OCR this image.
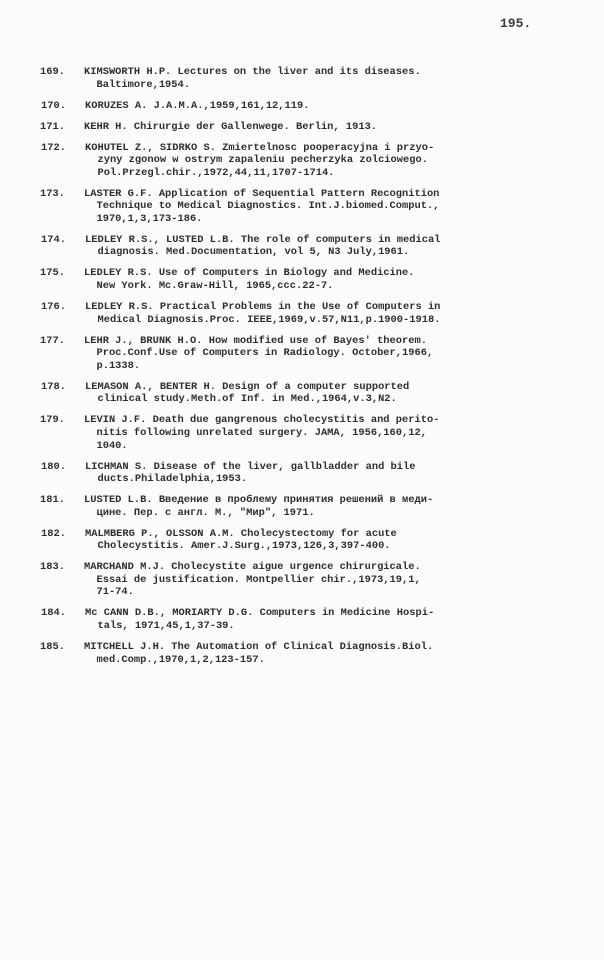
195.
169.	KIMSWORTH H.P. Lectures on the liver and its diseases.
Baltimore,1954.
170.	KORUZES A. J.A.M.A.,1959,161,12,119.
171.	KEHR H. Chirurgie der Gallenwege. Berlin, 1913.
172.	KOHUTEL Z., SIDRKO S. Zmiertelnosc pooperacyjna i przyo-
zyny zgonow w ostrym zapaleniu pecherzyka zolciowego.
Pol.Przegl.chir.,1972,44,11,1707-1714.
173.	LASTER G.F. Application of Sequential Pattern Recognition
Technique to Medical Diagnostics. Int.J.biomed.Comput.,
1970,1,3,173-186.
174.	LEDLEY R.S., LUSTED L.B. The role of computers in medical
diagnosis. Med.Documentation, vol 5, N3 July,1961.
175.	LEDLEY R.S. Use of Computers in Biology and Medicine.
New York. Mc.Graw-Hill, 1965,ccc.22-7.
176.	LEDLEY R.S. Practical Problems in the Use of Computers in
Medical Diagnosis.Proc. IEEE,1969,v.57,N11,p.1900-1918.
177.	LEHR J., BRUNK H.O. How modified use of Bayes' theorem.
Proc.Conf.Use of Computers in Radiology. October,1966,
p.1338.
178.	LEMASON A., BENTER H. Design of a computer supported
clinical study.Meth.of Inf. in Med.,1964,v.3,N2.
179.	LEVIN J.F. Death due gangrenous cholecystitis and perito-
nitis following unrelated surgery. JAMA, 1956,160,12,
1040.
180.	LICHMAN S. Disease of the liver, gallbladder and bile
ducts.Philadelphia,1953.
181.	LUSTED L.B. Введение в проблему принятия решений в меди-
цине. Пер. с англ. М., "Мир", 1971.
182.	MALMBERG P., OLSSON A.M. Cholecystectomy for acute
Cholecystitis. Amer.J.Surg.,1973,126,3,397-400.
183.	MARCHAND M.J. Cholecystite aigue urgence chirurgicale.
Essai de justification. Montpellier chir.,1973,19,1,
71-74.
184.	Mc CANN D.B., MORIARTY D.G. Computers in Medicine Hospi-
tals, 1971,45,1,37-39.
185.	MITCHELL J.H. The Automation of Clinical Diagnosis.Biol.
med.Comp.,1970,1,2,123-157.
